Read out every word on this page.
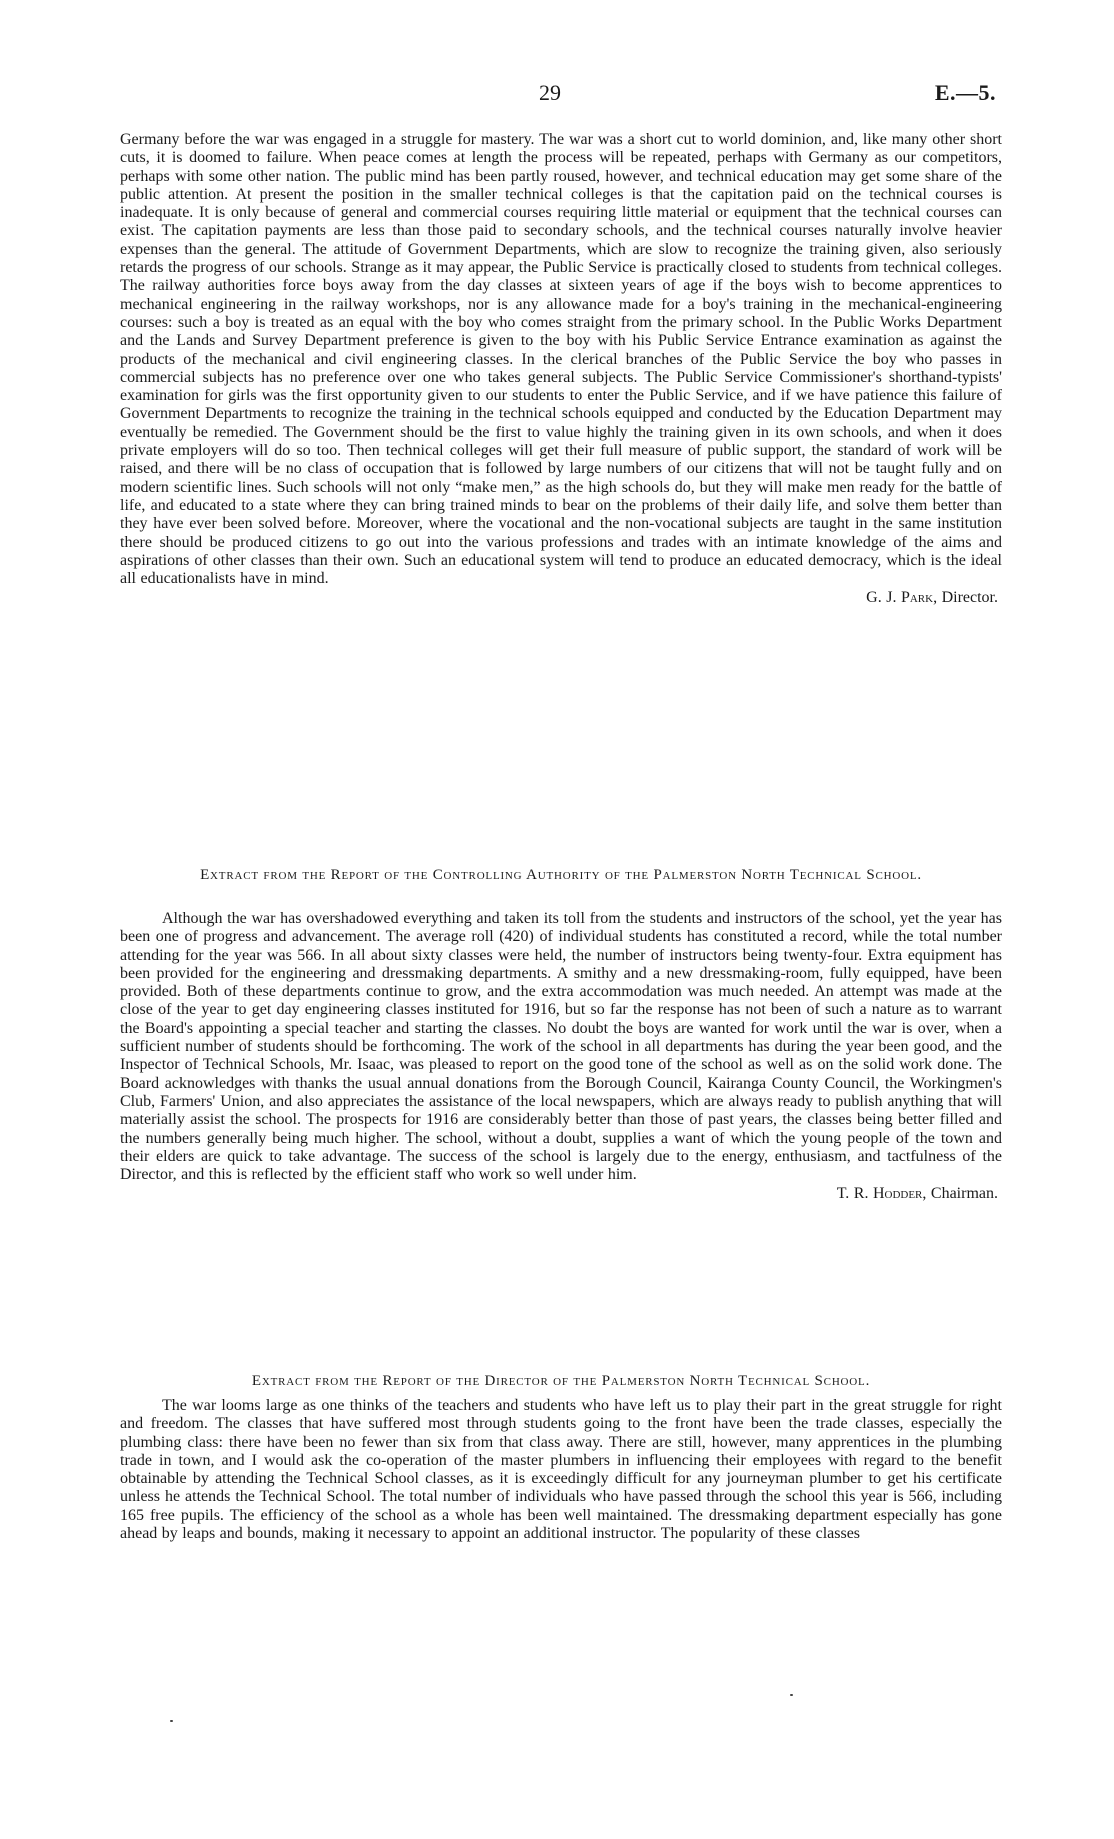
29	E.—5.

Germany before the war was engaged in a struggle for mastery. The war was a short cut to world dominion, and, like many other short cuts, it is doomed to failure. When peace comes at length the process will be repeated, perhaps with Germany as our competitors, perhaps with some other nation. The public mind has been partly roused, however, and technical education may get some share of the public attention. At present the position in the smaller technical colleges is that the capitation paid on the technical courses is inadequate. It is only because of general and commercial courses requiring little material or equipment that the technical courses can exist. The capitation payments are less than those paid to secondary schools, and the technical courses naturally involve heavier expenses than the general. The attitude of Government Departments, which are slow to recognize the training given, also seriously retards the progress of our schools. Strange as it may appear, the Public Service is practically closed to students from technical colleges. The railway authorities force boys away from the day classes at sixteen years of age if the boys wish to become apprentices to mechanical engineering in the railway workshops, nor is any allowance made for a boy's training in the mechanical-engineering courses: such a boy is treated as an equal with the boy who comes straight from the primary school. In the Public Works Department and the Lands and Survey Department preference is given to the boy with his Public Service Entrance examination as against the products of the mechanical and civil engineering classes. In the clerical branches of the Public Service the boy who passes in commercial subjects has no preference over one who takes general subjects. The Public Service Commissioner's shorthand-typists' examination for girls was the first opportunity given to our students to enter the Public Service, and if we have patience this failure of Government Departments to recognize the training in the technical schools equipped and conducted by the Education Department may eventually be remedied. The Government should be the first to value highly the training given in its own schools, and when it does private employers will do so too. Then technical colleges will get their full measure of public support, the standard of work will be raised, and there will be no class of occupation that is followed by large numbers of our citizens that will not be taught fully and on modern scientific lines. Such schools will not only “make men,” as the high schools do, but they will make men ready for the battle of life, and educated to a state where they can bring trained minds to bear on the problems of their daily life, and solve them better than they have ever been solved before. Moreover, where the vocational and the non-vocational subjects are taught in the same institution there should be produced citizens to go out into the various professions and trades with an intimate knowledge of the aims and aspirations of other classes than their own. Such an educational system will tend to produce an educated democracy, which is the ideal all educationalists have in mind.

G. J. Park, Director.
Extract from the Report of the Controlling Authority of the Palmerston North Technical School.

Although the war has overshadowed everything and taken its toll from the students and instructors of the school, yet the year has been one of progress and advancement. The average roll (420) of individual students has constituted a record, while the total number attending for the year was 566. In all about sixty classes were held, the number of instructors being twenty-four. Extra equipment has been provided for the engineering and dressmaking departments. A smithy and a new dressmaking-room, fully equipped, have been provided. Both of these departments continue to grow, and the extra accommodation was much needed. An attempt was made at the close of the year to get day engineering classes instituted for 1916, but so far the response has not been of such a nature as to warrant the Board's appointing a special teacher and starting the classes. No doubt the boys are wanted for work until the war is over, when a sufficient number of students should be forthcoming. The work of the school in all departments has during the year been good, and the Inspector of Technical Schools, Mr. Isaac, was pleased to report on the good tone of the school as well as on the solid work done. The Board acknowledges with thanks the usual annual donations from the Borough Council, Kairanga County Council, the Workingmen's Club, Farmers' Union, and also appreciates the assistance of the local newspapers, which are always ready to publish anything that will materially assist the school. The prospects for 1916 are considerably better than those of past years, the classes being better filled and the numbers generally being much higher. The school, without a doubt, supplies a want of which the young people of the town and their elders are quick to take advantage. The success of the school is largely due to the energy, enthusiasm, and tactfulness of the Director, and this is reflected by the efficient staff who work so well under him.

T. R. Hodder, Chairman.
Extract from the Report of the Director of the Palmerston North Technical School.

The war looms large as one thinks of the teachers and students who have left us to play their part in the great struggle for right and freedom. The classes that have suffered most through students going to the front have been the trade classes, especially the plumbing class: there have been no fewer than six from that class away. There are still, however, many apprentices in the plumbing trade in town, and I would ask the co-operation of the master plumbers in influencing their employees with regard to the benefit obtainable by attending the Technical School classes, as it is exceedingly difficult for any journeyman plumber to get his certificate unless he attends the Technical School. The total number of individuals who have passed through the school this year is 566, including 165 free pupils. The efficiency of the school as a whole has been well maintained. The dressmaking department especially has gone ahead by leaps and bounds, making it necessary to appoint an additional instructor. The popularity of these classes
